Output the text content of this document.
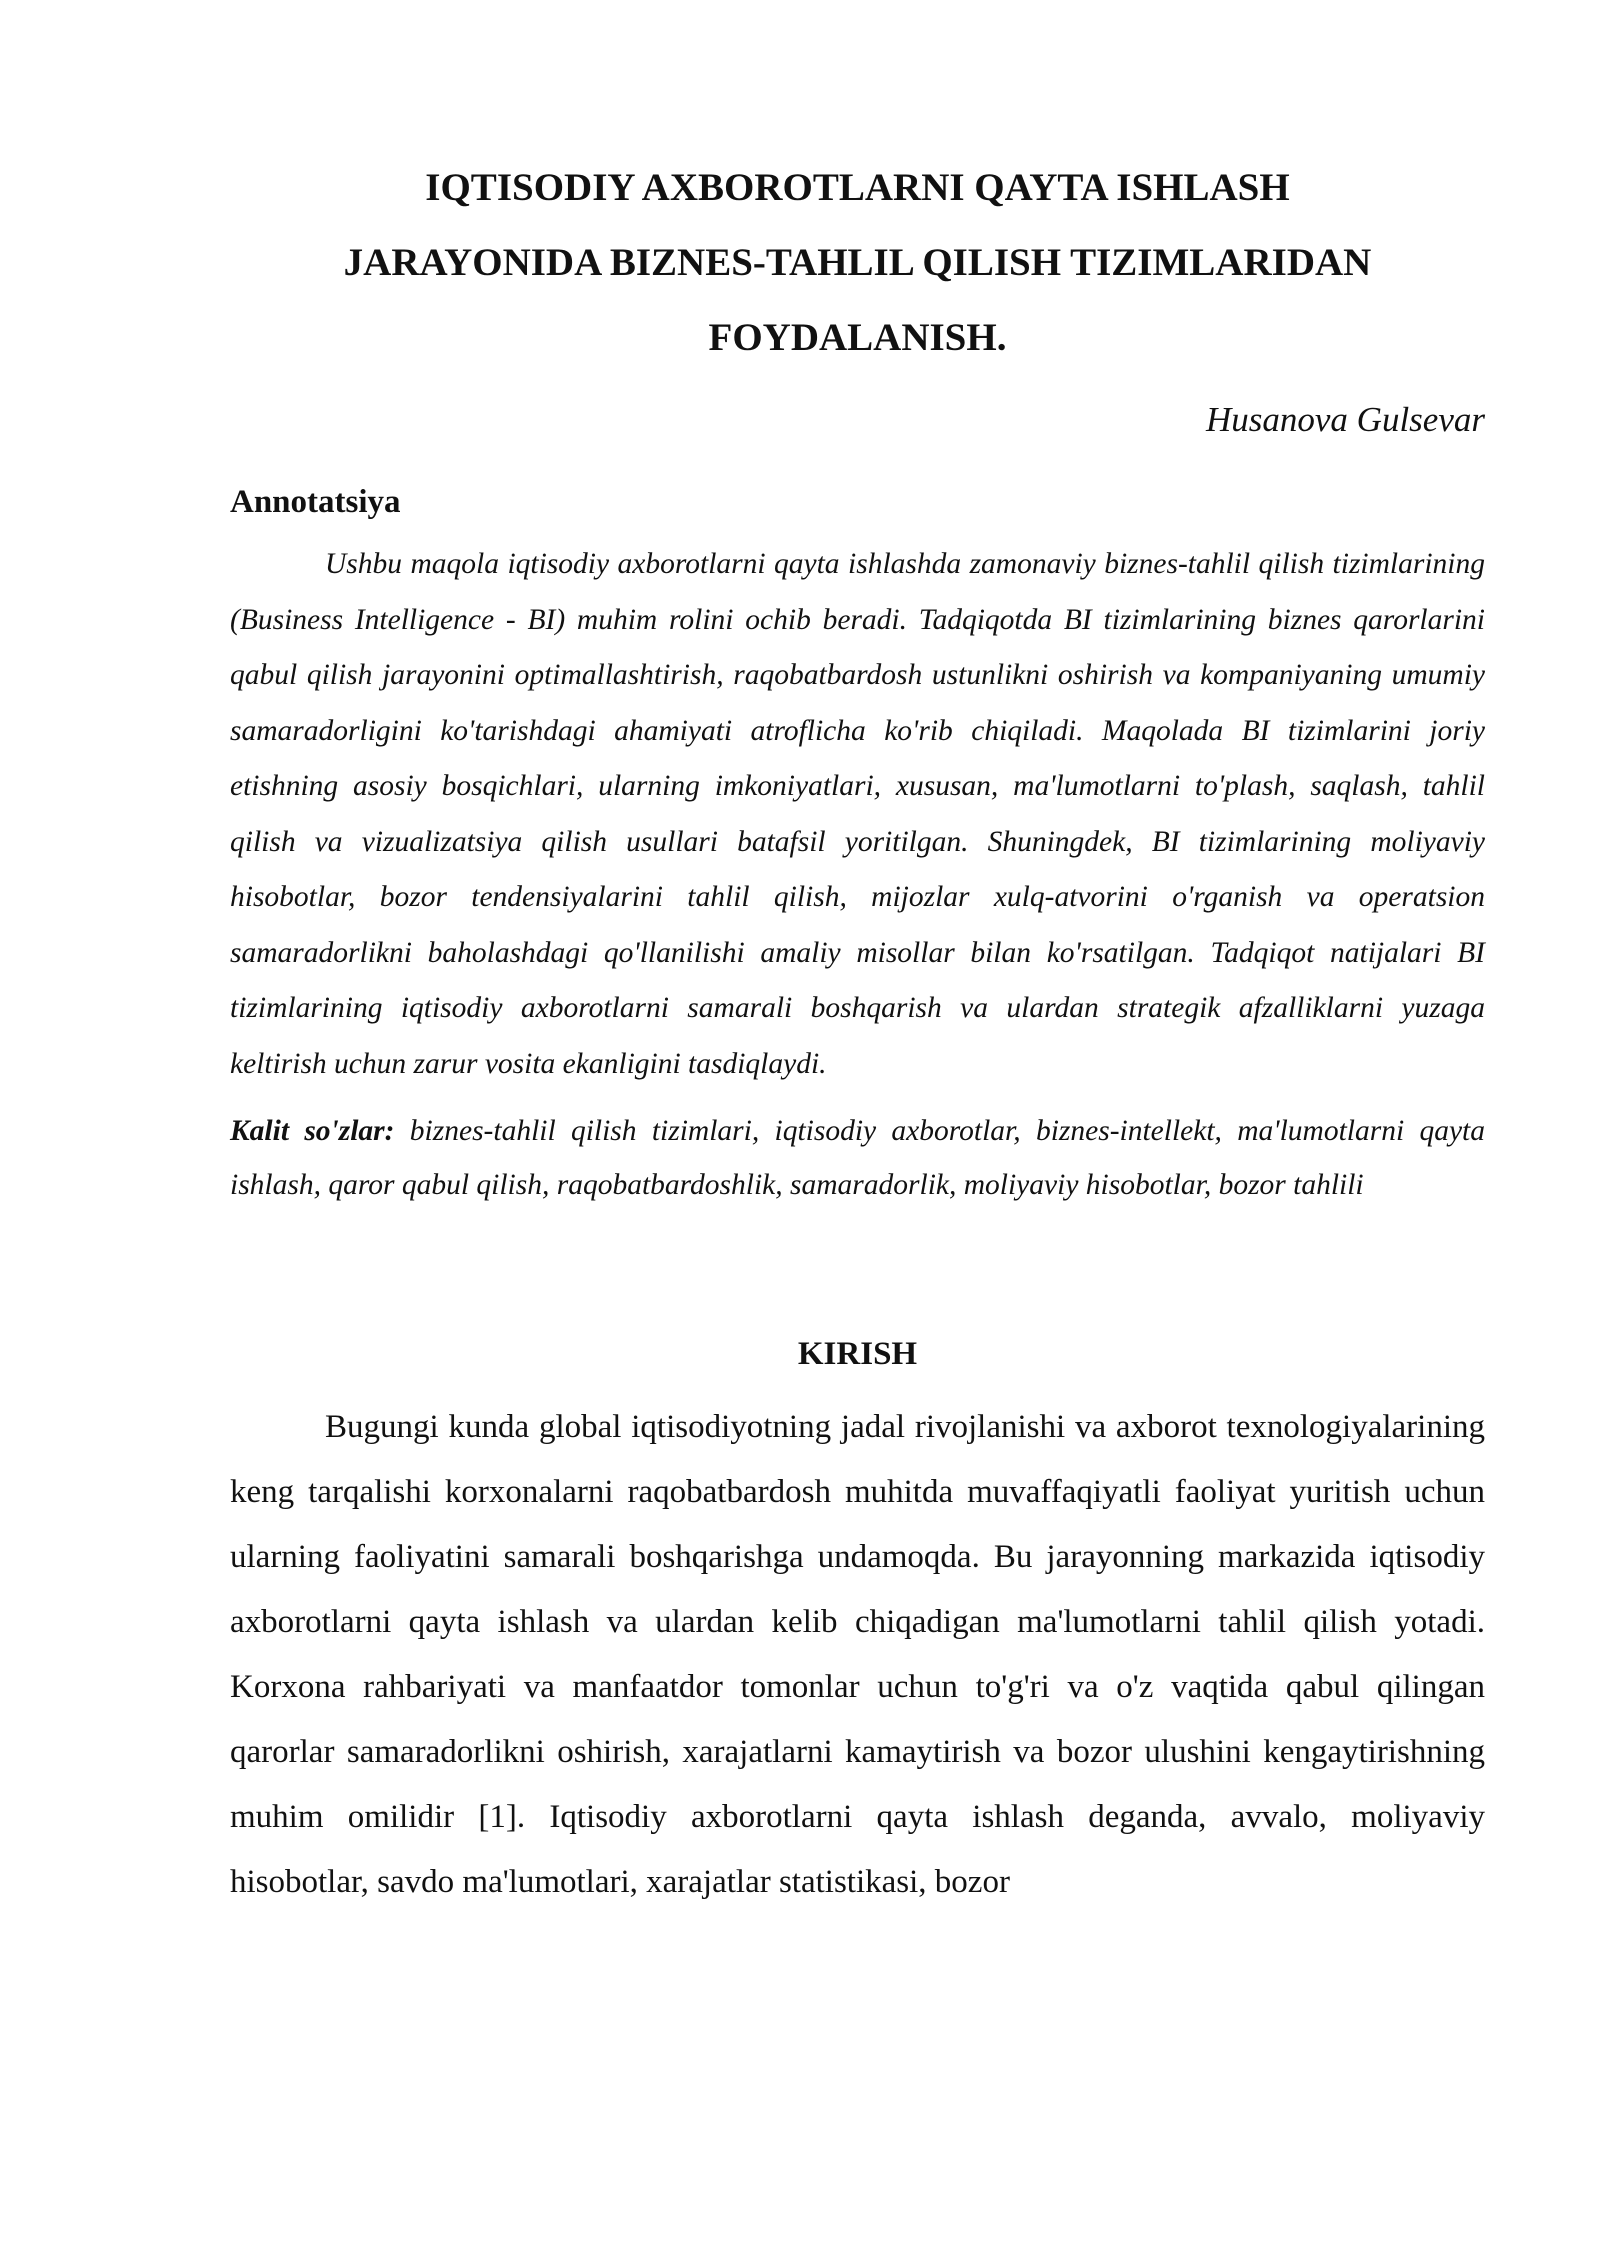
IQTISODIY AXBOROTLARNI QAYTA ISHLASH
JARAYONIDA BIZNES-TAHLIL QILISH TIZIMLARIDAN
FOYDALANISH.
Husanova Gulsevar
Annotatsiya

Ushbu maqola iqtisodiy axborotlarni qayta ishlashda zamonaviy biznes-tahlil qilish tizimlarining (Business Intelligence - BI) muhim rolini ochib beradi. Tadqiqotda BI tizimlarining biznes qarorlarini qabul qilish jarayonini optimallashtirish, raqobatbardosh ustunlikni oshirish va kompaniyaning umumiy samaradorligini ko'tarishdagi ahamiyati atroflicha ko'rib chiqiladi. Maqolada BI tizimlarini joriy etishning asosiy bosqichlari, ularning imkoniyatlari, xususan, ma'lumotlarni to'plash, saqlash, tahlil qilish va vizualizatsiya qilish usullari batafsil yoritilgan. Shuningdek, BI tizimlarining moliyaviy hisobotlar, bozor tendensiyalarini tahlil qilish, mijozlar xulq-atvorini o'rganish va operatsion samaradorlikni baholashdagi qo'llanilishi amaliy misollar bilan ko'rsatilgan. Tadqiqot natijalari BI tizimlarining iqtisodiy axborotlarni samarali boshqarish va ulardan strategik afzalliklarni yuzaga keltirish uchun zarur vosita ekanligini tasdiqlaydi.

Kalit so'zlar: biznes-tahlil qilish tizimlari, iqtisodiy axborotlar, biznes-intellekt, ma'lumotlarni qayta ishlash, qaror qabul qilish, raqobatbardoshlik, samaradorlik, moliyaviy hisobotlar, bozor tahlili

KIRISH

Bugungi kunda global iqtisodiyotning jadal rivojlanishi va axborot texnologiyalarining keng tarqalishi korxonalarni raqobatbardosh muhitda muvaffaqiyatli faoliyat yuritish uchun ularning faoliyatini samarali boshqarishga undamoqda. Bu jarayonning markazida iqtisodiy axborotlarni qayta ishlash va ulardan kelib chiqadigan ma'lumotlarni tahlil qilish yotadi. Korxona rahbariyati va manfaatdor tomonlar uchun to'g'ri va o'z vaqtida qabul qilingan qarorlar samaradorlikni oshirish, xarajatlarni kamaytirish va bozor ulushini kengaytirishning muhim omilidir [1]. Iqtisodiy axborotlarni qayta ishlash deganda, avvalo, moliyaviy hisobotlar, savdo ma'lumotlari, xarajatlar statistikasi, bozor
